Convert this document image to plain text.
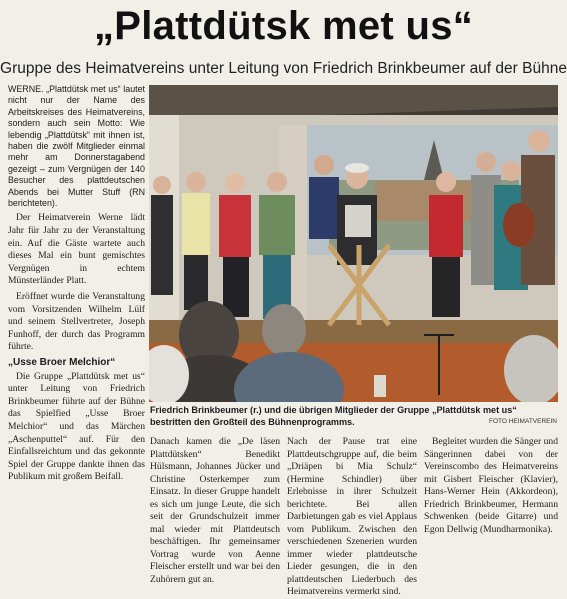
„Plattdütsk met us“
Gruppe des Heimatvereins unter Leitung von Friedrich Brinkbeumer auf der Bühne

WERNE. „Plattdütsk met us“ lautet nicht nur der Name des Arbeitskreises des Heimatvereins, sondern auch sein Motto: Wie lebendig „Plattdütsk“ mit ihnen ist, haben die zwölf Mitglieder einmal mehr am Donnerstagabend gezeigt – zum Vergnügen der 140 Besucher des plattdeutschen Abends bei Mutter Stuff (RN berichteten).

Der Heimatverein Werne lädt Jahr für Jahr zu der Veranstaltung ein. Auf die Gäste wartete auch dieses Mal ein bunt gemischtes Vergnügen in echtem Münsterländer Platt.

Eröffnet wurde die Veranstaltung vom Vorsitzenden Wilhelm Lülf und seinem Stellvertreter, Joseph Funhoff, der durch das Programm führte.

„Usse Broer Melchior“

Die Gruppe „Plattdütsk met us“ unter Leitung von Friedrich Brinkbeumer führte auf der Bühne das Spielfied „Usse Broer Melchior“ und das Märchen „Aschenputtel“ auf. Für den Einfallsreichtum und das gekonnte Spiel der Gruppe dankte ihnen das Publikum mit großem Beifall.

Friedrich Brinkbeumer (r.) und die übrigen Mitglieder der Gruppe „Plattdütsk met us“ bestritten den Großteil des Bühnenprogramms.	FOTO HEIMATVEREIN

Danach kamen die „De läsen Plattdütsken“ Benedikt Hülsmann, Johannes Jücker und Christine Osterkemper zum Einsatz. In dieser Gruppe handelt es sich um junge Leute, die sich seit der Grundschulzeit immer mal wieder mit Plattdeutsch beschäftigen. Ihr gemeinsamer Vortrag wurde von Aenne Fleischer erstellt und war bei den Zuhörern gut an.

Nach der Pause trat eine Plattdeutschgruppe auf, die beim „Driäpen bi Mia Schulz“ (Hermine Schindler) über Erlebnisse in ihrer Schulzeit berichtete. Bei allen Darbietungen gab es viel Applaus vom Publikum. Zwischen den verschiedenen Szenerien wurden immer wieder plattdeutsche Lieder gesungen, die in den plattdeutschen Liederbuch des Heimatvereins vermerkt sind.

Begleitet wurden die Sänger und Sängerinnen dabei von der Vereinscombo des Heimatvereins mit Gisbert Fleischer (Klavier), Hans-Werner Hein (Akkordeon), Friedrich Brinkbeumer, Hermann Schwenken (beide Gitarre) und Egon Dellwig (Mundharmonika).
